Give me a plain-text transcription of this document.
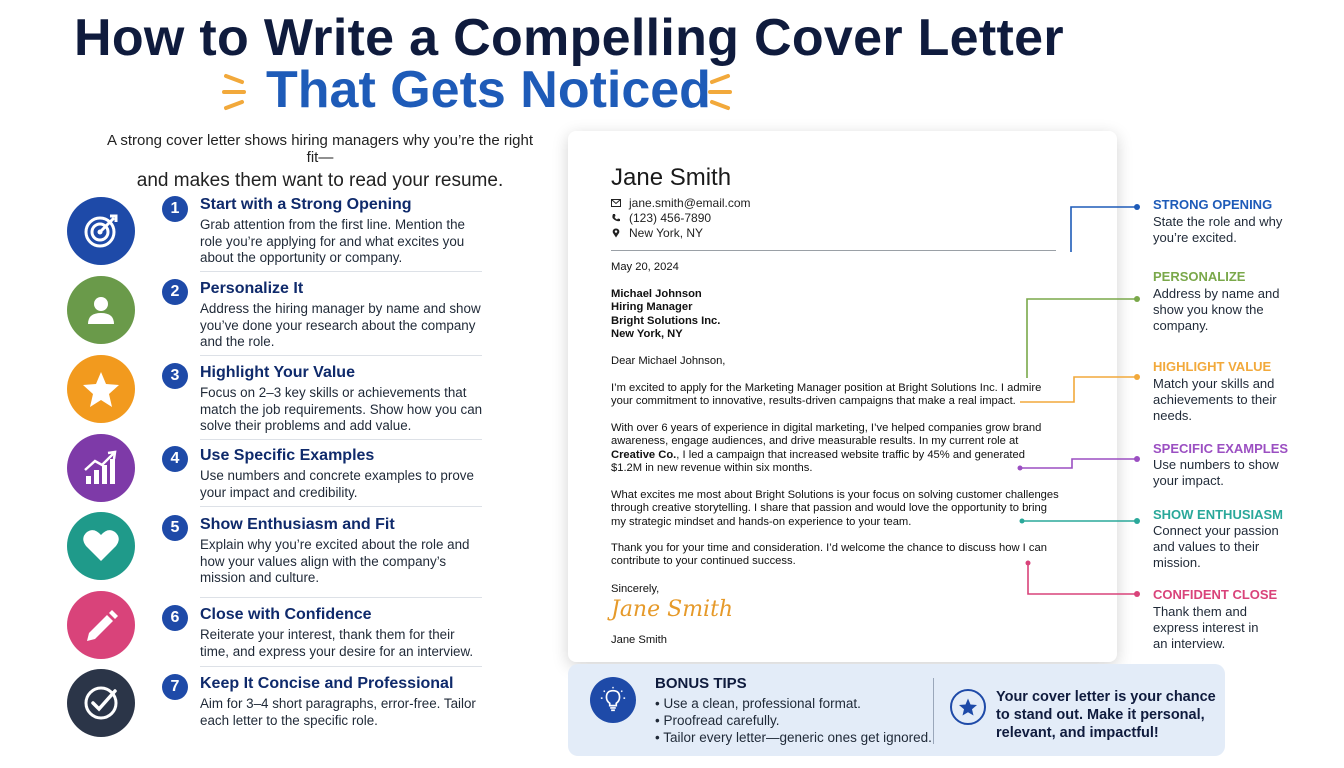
How to Write a Compelling Cover Letter
That Gets Noticed
A strong cover letter shows hiring managers why you’re the right fit—
and makes them want to read your resume.
1	Start with a Strong Opening
Grab attention from the first line. Mention the role you’re applying for and what excites you about the opportunity or company.
2	Personalize It
Address the hiring manager by name and show you’ve done your research about the company and the role.
3	Highlight Your Value
Focus on 2–3 key skills or achievements that match the job requirements. Show how you can solve their problems and add value.
4	Use Specific Examples
Use numbers and concrete examples to prove your impact and credibility.
5	Show Enthusiasm and Fit
Explain why you’re excited about the role and how your values align with the company’s mission and culture.
6	Close with Confidence
Reiterate your interest, thank them for their time, and express your desire for an interview.
7	Keep It Concise and Professional
Aim for 3–4 short paragraphs, error-free. Tailor each letter to the specific role.
Jane Smith
jane.smith@email.com
(123) 456-7890
New York, NY
May 20, 2024
Michael Johnson
Hiring Manager
Bright Solutions Inc.
New York, NY
Dear Michael Johnson,
I’m excited to apply for the Marketing Manager position at Bright Solutions Inc. I admire
your commitment to innovative, results-driven campaigns that make a real impact.
With over 6 years of experience in digital marketing, I’ve helped companies grow brand
awareness, engage audiences, and drive measurable results. In my current role at
Creative Co., I led a campaign that increased website traffic by 45% and generated
$1.2M in new revenue within six months.
What excites me most about Bright Solutions is your focus on solving customer challenges
through creative storytelling. I share that passion and would love the opportunity to bring
my strategic mindset and hands-on experience to your team.
Thank you for your time and consideration. I’d welcome the chance to discuss how I can
contribute to your continued success.
Sincerely,
Jane Smith
Jane Smith
STRONG OPENING
State the role and why you’re excited.
PERSONALIZE
Address by name and show you know the company.
HIGHLIGHT VALUE
Match your skills and achievements to their needs.
SPECIFIC EXAMPLES
Use numbers to show your impact.
SHOW ENTHUSIASM
Connect your passion and values to their mission.
CONFIDENT CLOSE
Thank them and express interest in an interview.
BONUS TIPS
• Use a clean, professional format.
• Proofread carefully.
• Tailor every letter—generic ones get ignored.
Your cover letter is your chance to stand out. Make it personal, relevant, and impactful!
